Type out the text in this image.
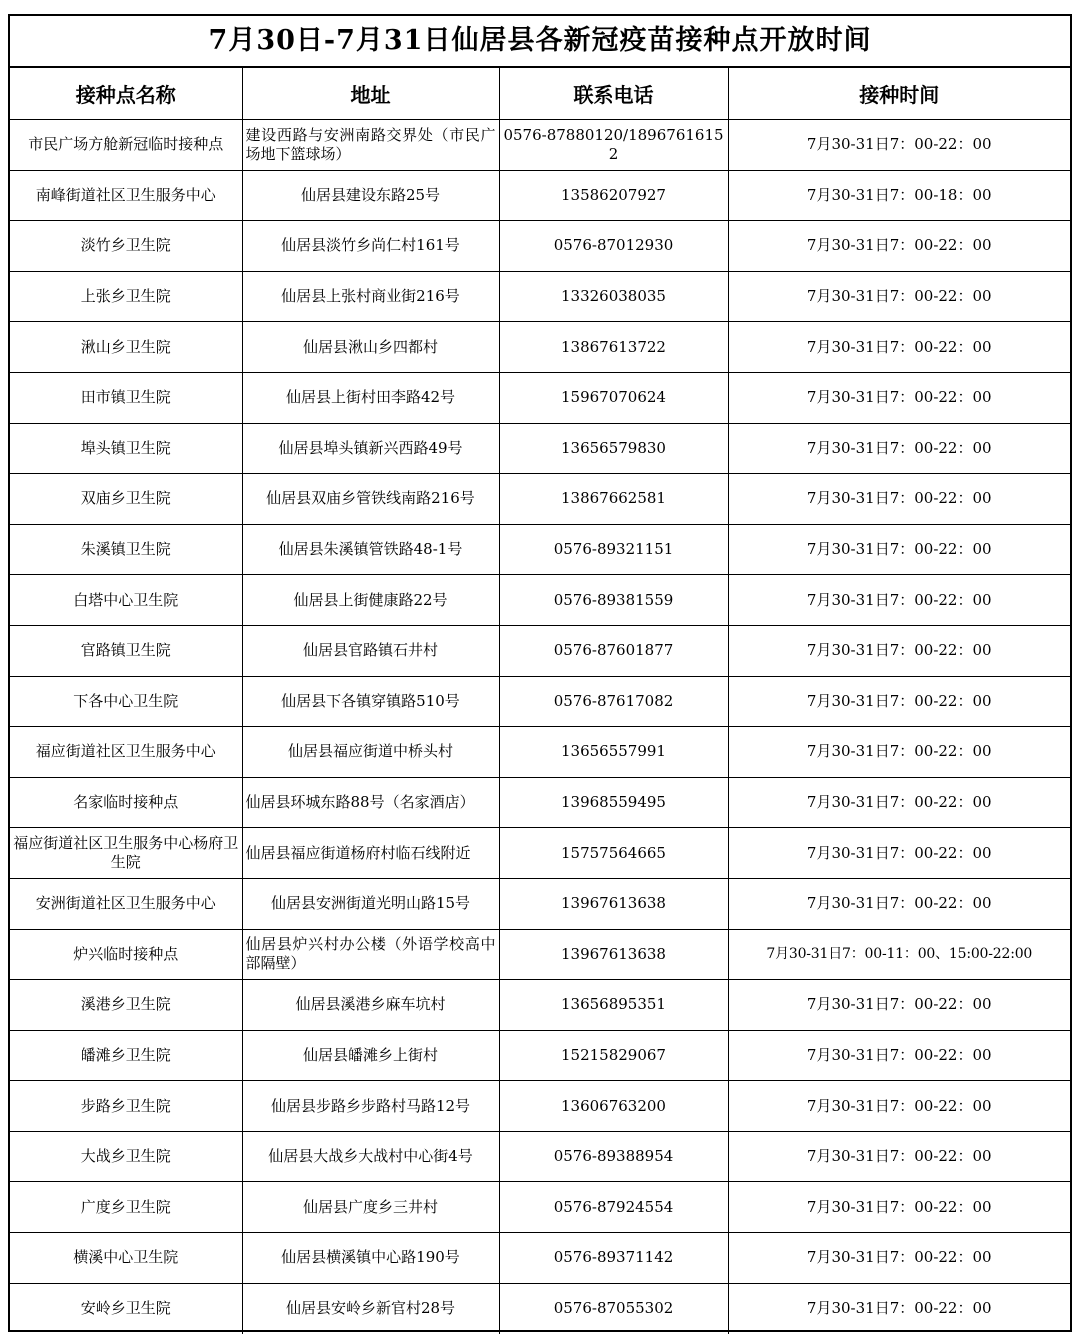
7月30日-7月31日仙居县各新冠疫苗接种点开放时间
接种点名称	地址	联系电话	接种时间
市民广场方舱新冠临时接种点	建设西路与安洲南路交界处（市民广场地下篮球场）	0576-87880120/18967616152	7月30-31日7：00-22：00
南峰街道社区卫生服务中心	仙居县建设东路25号	13586207927	7月30-31日7：00-18：00
淡竹乡卫生院	仙居县淡竹乡尚仁村161号	0576-87012930	7月30-31日7：00-22：00
上张乡卫生院	仙居县上张村商业街216号	13326038035	7月30-31日7：00-22：00
湫山乡卫生院	仙居县湫山乡四都村	13867613722	7月30-31日7：00-22：00
田市镇卫生院	仙居县上街村田李路42号	15967070624	7月30-31日7：00-22：00
埠头镇卫生院	仙居县埠头镇新兴西路49号	13656579830	7月30-31日7：00-22：00
双庙乡卫生院	仙居县双庙乡管铁线南路216号	13867662581	7月30-31日7：00-22：00
朱溪镇卫生院	仙居县朱溪镇管铁路48-1号	0576-89321151	7月30-31日7：00-22：00
白塔中心卫生院	仙居县上街健康路22号	0576-89381559	7月30-31日7：00-22：00
官路镇卫生院	仙居县官路镇石井村	0576-87601877	7月30-31日7：00-22：00
下各中心卫生院	仙居县下各镇穿镇路510号	0576-87617082	7月30-31日7：00-22：00
福应街道社区卫生服务中心	仙居县福应街道中桥头村	13656557991	7月30-31日7：00-22：00
名家临时接种点	仙居县环城东路88号（名家酒店）	13968559495	7月30-31日7：00-22：00
福应街道社区卫生服务中心杨府卫生院	仙居县福应街道杨府村临石线附近	15757564665	7月30-31日7：00-22：00
安洲街道社区卫生服务中心	仙居县安洲街道光明山路15号	13967613638	7月30-31日7：00-22：00
炉兴临时接种点	仙居县炉兴村办公楼（外语学校高中部隔壁）	13967613638	7月30-31日7：00-11：00、15:00-22:00
溪港乡卫生院	仙居县溪港乡麻车坑村	13656895351	7月30-31日7：00-22：00
皤滩乡卫生院	仙居县皤滩乡上街村	15215829067	7月30-31日7：00-22：00
步路乡卫生院	仙居县步路乡步路村马路12号	13606763200	7月30-31日7：00-22：00
大战乡卫生院	仙居县大战乡大战村中心街4号	0576-89388954	7月30-31日7：00-22：00
广度乡卫生院	仙居县广度乡三井村	0576-87924554	7月30-31日7：00-22：00
横溪中心卫生院	仙居县横溪镇中心路190号	0576-89371142	7月30-31日7：00-22：00
安岭乡卫生院	仙居县安岭乡新官村28号	0576-87055302	7月30-31日7：00-22：00
